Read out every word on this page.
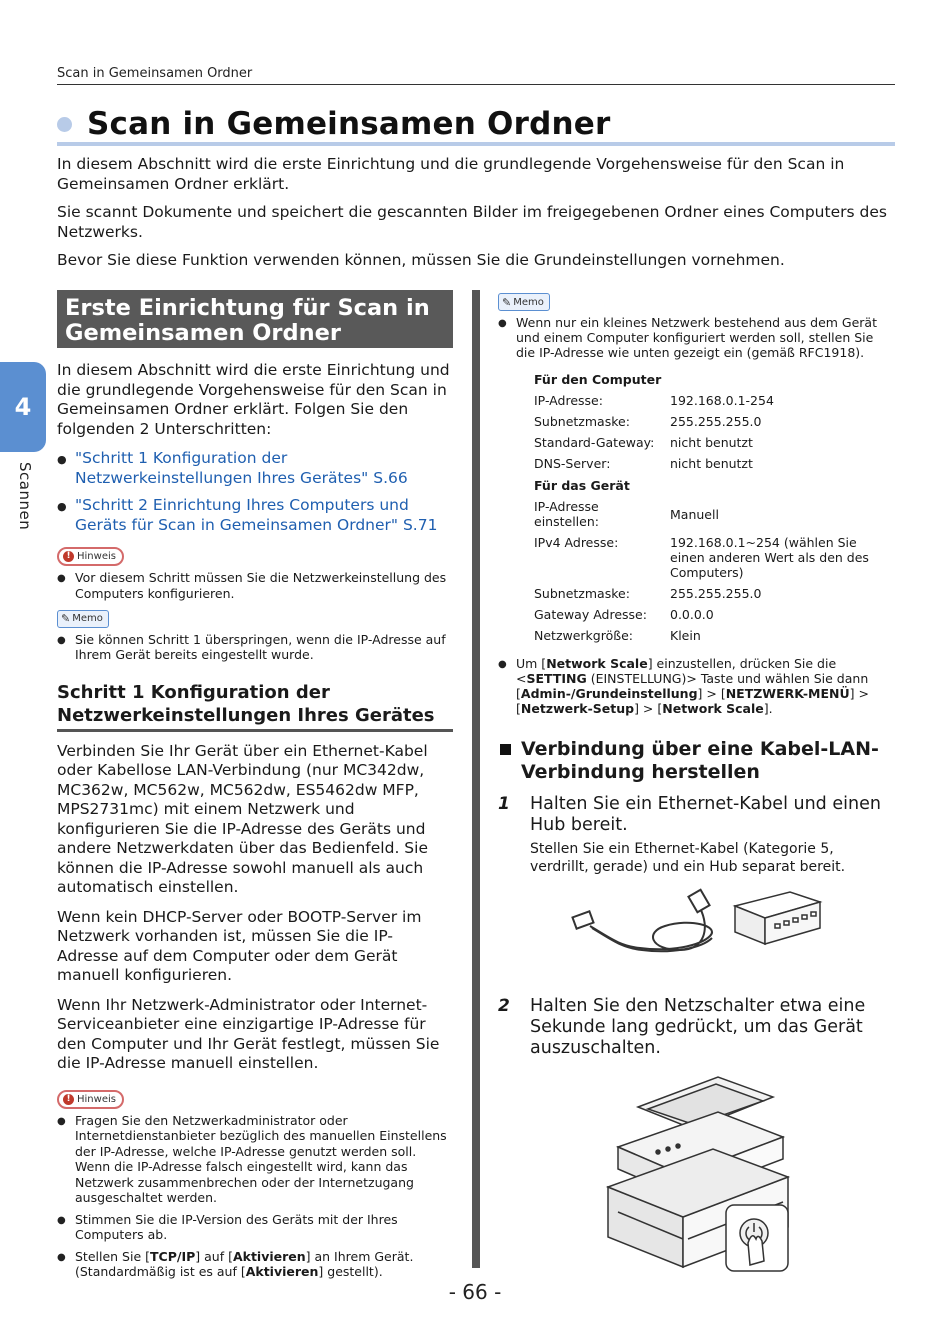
Scan in Gemeinsamen Ordner
Scan in Gemeinsamen Ordner

In diesem Abschnitt wird die erste Einrichtung und die grundlegende Vorgehensweise für den Scan in Gemeinsamen Ordner erklärt.

Sie scannt Dokumente und speichert die gescannten Bilder im freigegebenen Ordner eines Computers des Netzwerks.

Bevor Sie diese Funktion verwenden können, müssen Sie die Grundeinstellungen vornehmen.

4
Scannen
Erste Einrichtung für Scan in Gemeinsamen Ordner
In diesem Abschnitt wird die erste Einrichtung und die grundlegende Vorgehensweise für den Scan in Gemeinsamen Ordner erklärt. Folgen Sie den folgenden 2 Unterschritten:
● "Schritt 1 Konfiguration der Netzwerkeinstellungen Ihres Gerätes" S.66
● "Schritt 2 Einrichtung Ihres Computers und Geräts für Scan in Gemeinsamen Ordner" S.71
! Hinweis
● Vor diesem Schritt müssen Sie die Netzwerkeinstellung des Computers konfigurieren.
✎ Memo
● Sie können Schritt 1 überspringen, wenn die IP-Adresse auf Ihrem Gerät bereits eingestellt wurde.
Schritt 1 Konfiguration der Netzwerkeinstellungen Ihres Gerätes
Verbinden Sie Ihr Gerät über ein Ethernet-Kabel oder Kabellose LAN-Verbindung (nur MC342dw, MC362w, MC562w, MC562dw, ES5462dw MFP, MPS2731mc) mit einem Netzwerk und konfigurieren Sie die IP-Adresse des Geräts und andere Netzwerkdaten über das Bedienfeld. Sie können die IP-Adresse sowohl manuell als auch automatisch einstellen.
Wenn kein DHCP-Server oder BOOTP-Server im Netzwerk vorhanden ist, müssen Sie die IP-Adresse auf dem Computer oder dem Gerät manuell konfigurieren.
Wenn Ihr Netzwerk-Administrator oder Internet-Serviceanbieter eine einzigartige IP-Adresse für den Computer und Ihr Gerät festlegt, müssen Sie die IP-Adresse manuell einstellen.
! Hinweis
● Fragen Sie den Netzwerkadministrator oder Internetdienstanbieter bezüglich des manuellen Einstellens der IP-Adresse, welche IP-Adresse genutzt werden soll. Wenn die IP-Adresse falsch eingestellt wird, kann das Netzwerk zusammenbrechen oder der Internetzugang ausgeschaltet werden.
● Stimmen Sie die IP-Version des Geräts mit der Ihres Computers ab.
● Stellen Sie [TCP/IP] auf [Aktivieren] an Ihrem Gerät. (Standardmäßig ist es auf [Aktivieren] gestellt).
✎ Memo
● Wenn nur ein kleines Netzwerk bestehend aus dem Gerät und einem Computer konfiguriert werden soll, stellen Sie die IP-Adresse wie unten gezeigt ein (gemäß RFC1918).
Für den Computer	
IP-Adresse:	192.168.0.1-254
Subnetzmaske:	255.255.255.0
Standard-Gateway:	nicht benutzt
DNS-Server:	nicht benutzt
Für das Gerät	
IP-Adresse einstellen:	Manuell
IPv4 Adresse:	192.168.0.1~254 (wählen Sie einen anderen Wert als den des Computers)
Subnetzmaske:	255.255.255.0
Gateway Adresse:	0.0.0.0
Netzwerkgröße:	Klein
● Um [Network Scale] einzustellen, drücken Sie die <SETTING (EINSTELLUNG)> Taste und wählen Sie dann [Admin-/Grundeinstellung] > [NETZWERK-MENÜ] > [Netzwerk-Setup] > [Network Scale].
Verbindung über eine Kabel-LAN-Verbindung herstellen
1	Halten Sie ein Ethernet-Kabel und einen Hub bereit.
Stellen Sie ein Ethernet-Kabel (Kategorie 5, verdrillt, gerade) und ein Hub separat bereit.
2	Halten Sie den Netzschalter etwa eine Sekunde lang gedrückt, um das Gerät auszuschalten.
- 66 -
